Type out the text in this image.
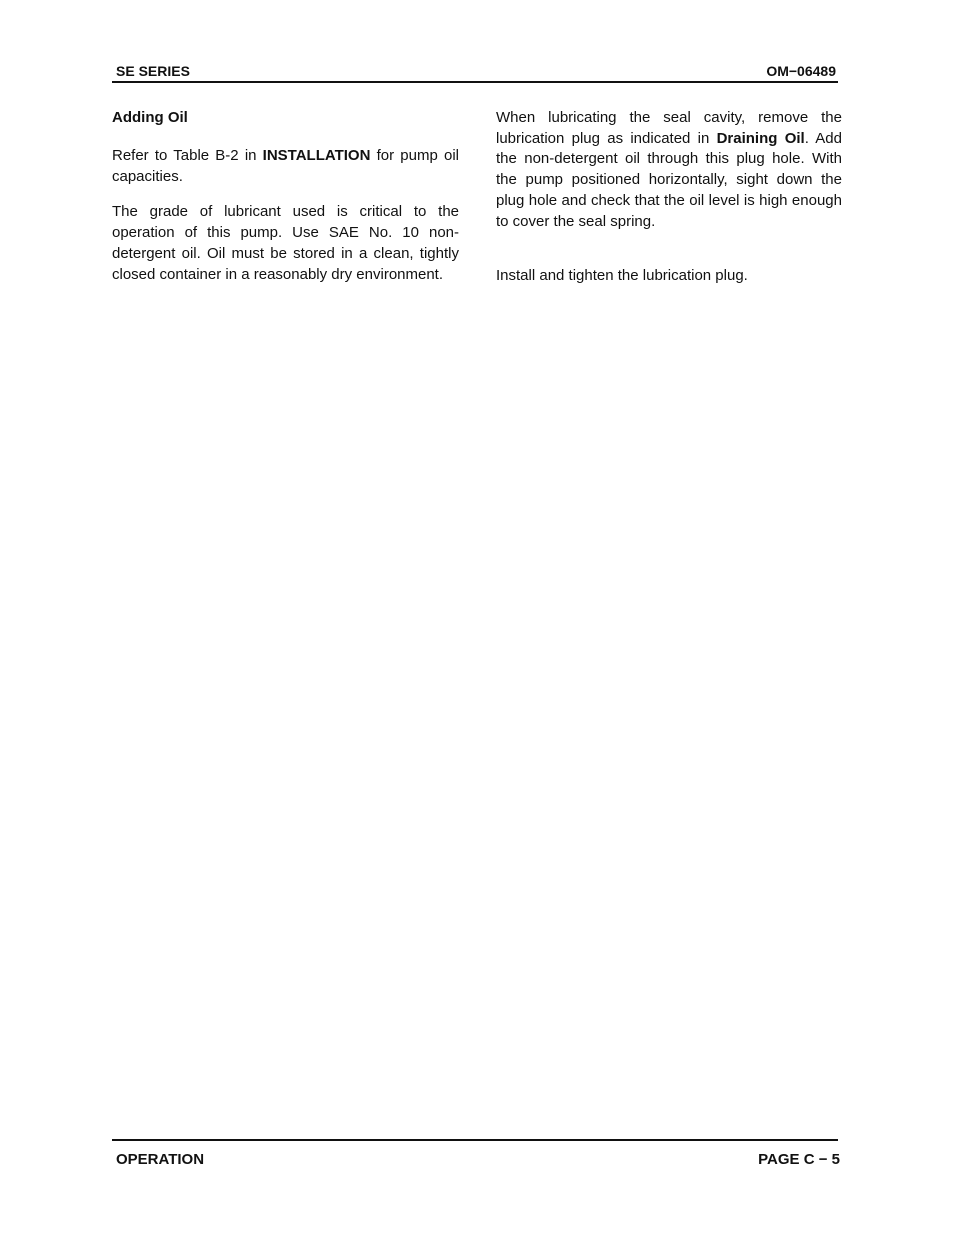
SE SERIES	OM−06489
Adding Oil

Refer to Table B-2 in INSTALLATION for pump oil capacities.

The grade of lubricant used is critical to the operation of this pump. Use SAE No. 10 non-detergent oil. Oil must be stored in a clean, tightly closed container in a reasonably dry environment.

When lubricating the seal cavity, remove the lubrication plug as indicated in Draining Oil. Add the non-detergent oil through this plug hole. With the pump positioned horizontally, sight down the plug hole and check that the oil level is high enough to cover the seal spring.

Install and tighten the lubrication plug.

OPERATION	PAGE C − 5
